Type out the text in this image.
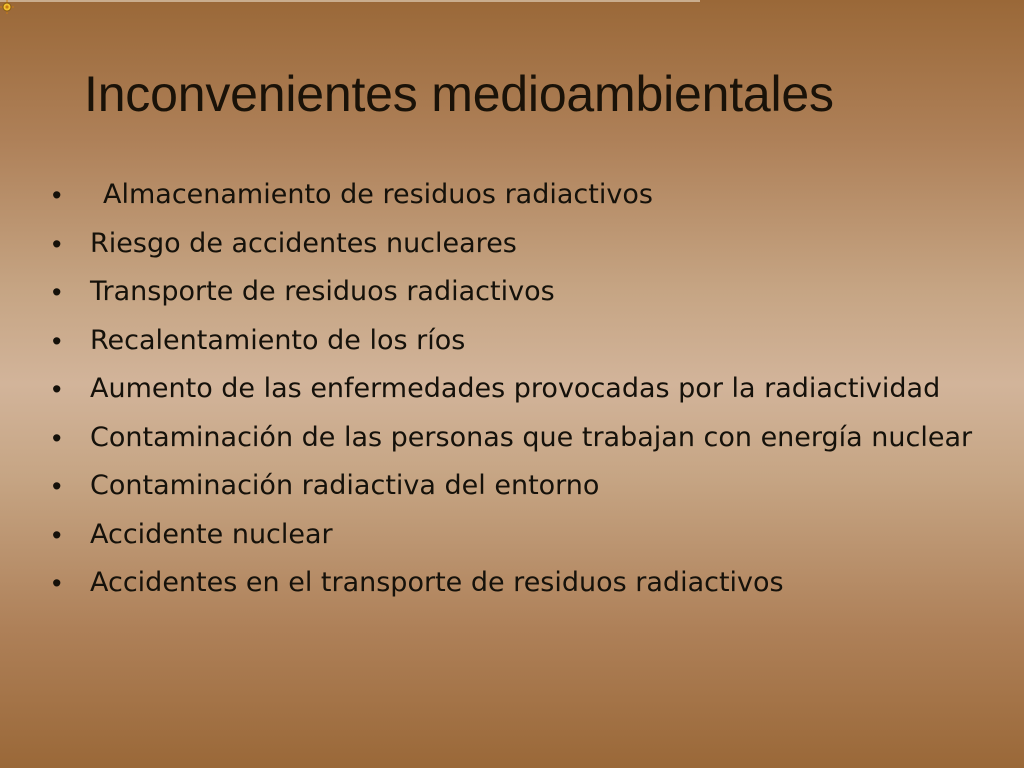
Inconvenientes medioambientales
•	Almacenamiento de residuos radiactivos
•	Riesgo de accidentes nucleares
•	Transporte de residuos radiactivos
•	Recalentamiento de los ríos
•	Aumento de las enfermedades provocadas por la radiactividad
•	Contaminación de las personas que trabajan con energía nuclear
•	Contaminación radiactiva del entorno
•	Accidente nuclear
•	Accidentes en el transporte de residuos radiactivos
